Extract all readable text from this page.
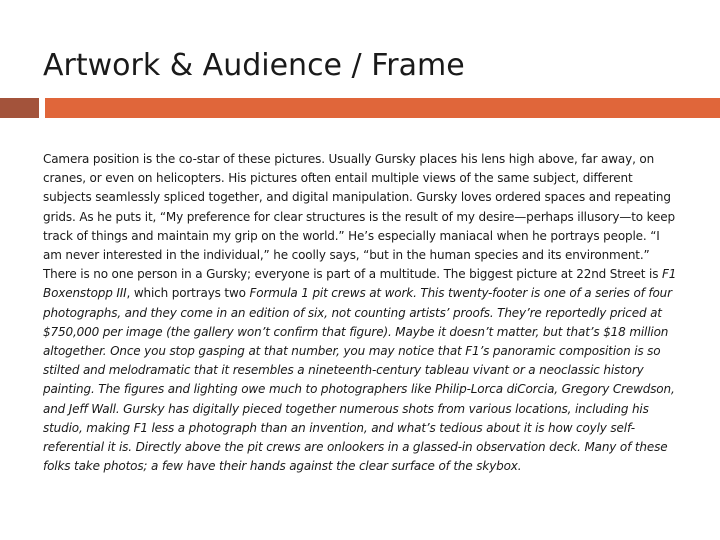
Artwork & Audience / Frame

Camera position is the co-star of these pictures. Usually Gursky places his lens high above, far away, on cranes, or even on helicopters. His pictures often entail multiple views of the same subject, different subjects seamlessly spliced together, and digital manipulation. Gursky loves ordered spaces and repeating grids. As he puts it, “My preference for clear structures is the result of my desire—perhaps illusory—to keep track of things and maintain my grip on the world.” He’s especially maniacal when he portrays people. “I am never interested in the individual,” he coolly says, “but in the human species and its environment.” There is no one person in a Gursky; everyone is part of a multitude. The biggest picture at 22nd Street is F1 Boxenstopp III, which portrays two Formula 1 pit crews at work. This twenty-footer is one of a series of four photographs, and they come in an edition of six, not counting artists’ proofs. They’re reportedly priced at $750,000 per image (the gallery won’t confirm that figure). Maybe it doesn’t matter, but that’s $18 million altogether. Once you stop gasping at that number, you may notice that F1’s panoramic composition is so stilted and melodramatic that it resembles a nineteenth-century tableau vivant or a neoclassic history painting. The figures and lighting owe much to photographers like Philip-Lorca diCorcia, Gregory Crewdson, and Jeff Wall. Gursky has digitally pieced together numerous shots from various locations, including his studio, making F1 less a photograph than an invention, and what’s tedious about it is how coyly self-referential it is. Directly above the pit crews are onlookers in a glassed-in observation deck. Many of these folks take photos; a few have their hands against the clear surface of the skybox.
